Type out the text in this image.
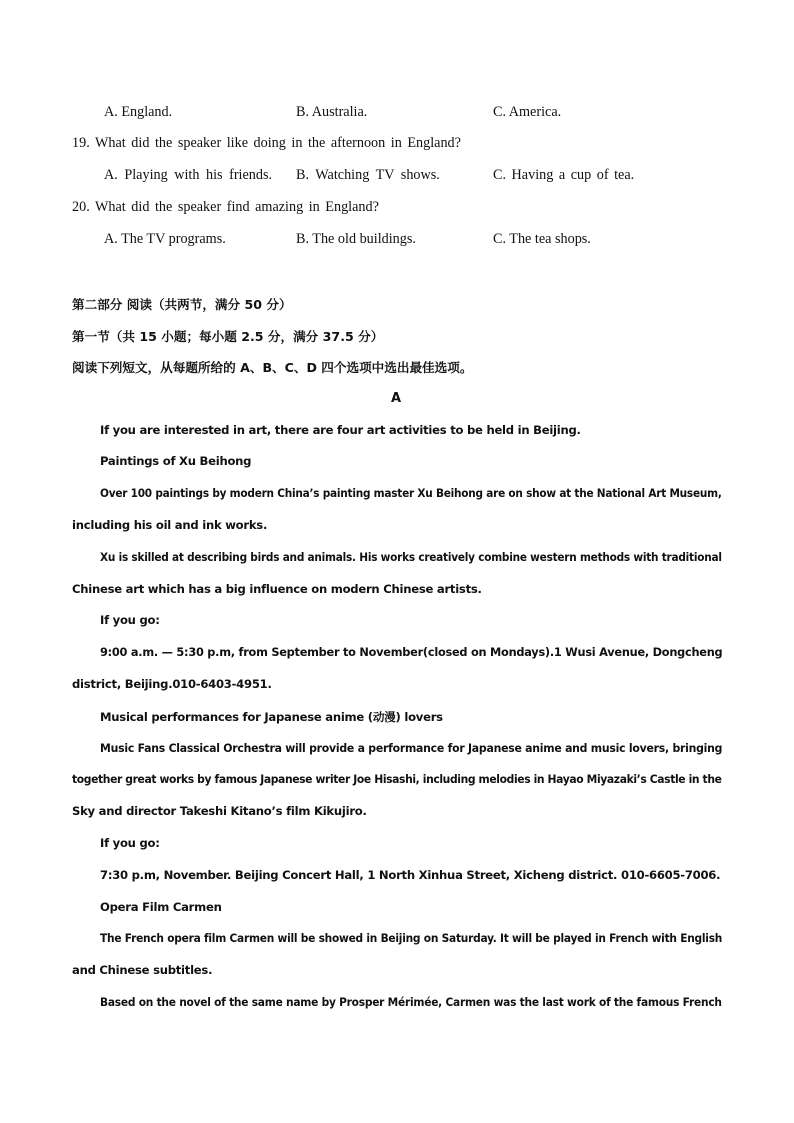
A. England.	B. Australia.	C. America.
19. What did the speaker like doing in the afternoon in England?
A. Playing with his friends. B. Watching TV shows.	C. Having a cup of tea.
20. What did the speaker find amazing in England?
A. The TV programs.	B. The old buildings.	C. The tea shops.
第二部分 阅读（共两节，满分 50 分）
第一节（共 15 小题；每小题 2.5 分，满分 37.5 分）
阅读下列短文，从每题所给的 A、B、C、D 四个选项中选出最佳选项。
A
If you are interested in art, there are four art activities to be held in Beijing.
Paintings of Xu Beihong
Over 100 paintings by modern China’s painting master Xu Beihong are on show at the National Art Museum,
including his oil and ink works.
Xu is skilled at describing birds and animals. His works creatively combine western methods with traditional
Chinese art which has a big influence on modern Chinese artists.
If you go:
9:00 a.m. — 5:30 p.m, from September to November(closed on Mondays).1 Wusi Avenue, Dongcheng
district, Beijing.010-6403-4951.
Musical performances for Japanese anime (动漫) lovers
Music Fans Classical Orchestra will provide a performance for Japanese anime and music lovers, bringing
together great works by famous Japanese writer Joe Hisashi, including melodies in Hayao Miyazaki’s Castle in the
Sky and director Takeshi Kitano’s film Kikujiro.
If you go:
7:30 p.m, November. Beijing Concert Hall, 1 North Xinhua Street, Xicheng district. 010-6605-7006.
Opera Film Carmen
The French opera film Carmen will be showed in Beijing on Saturday. It will be played in French with English
and Chinese subtitles.
Based on the novel of the same name by Prosper Mérimée, Carmen was the last work of the famous French
